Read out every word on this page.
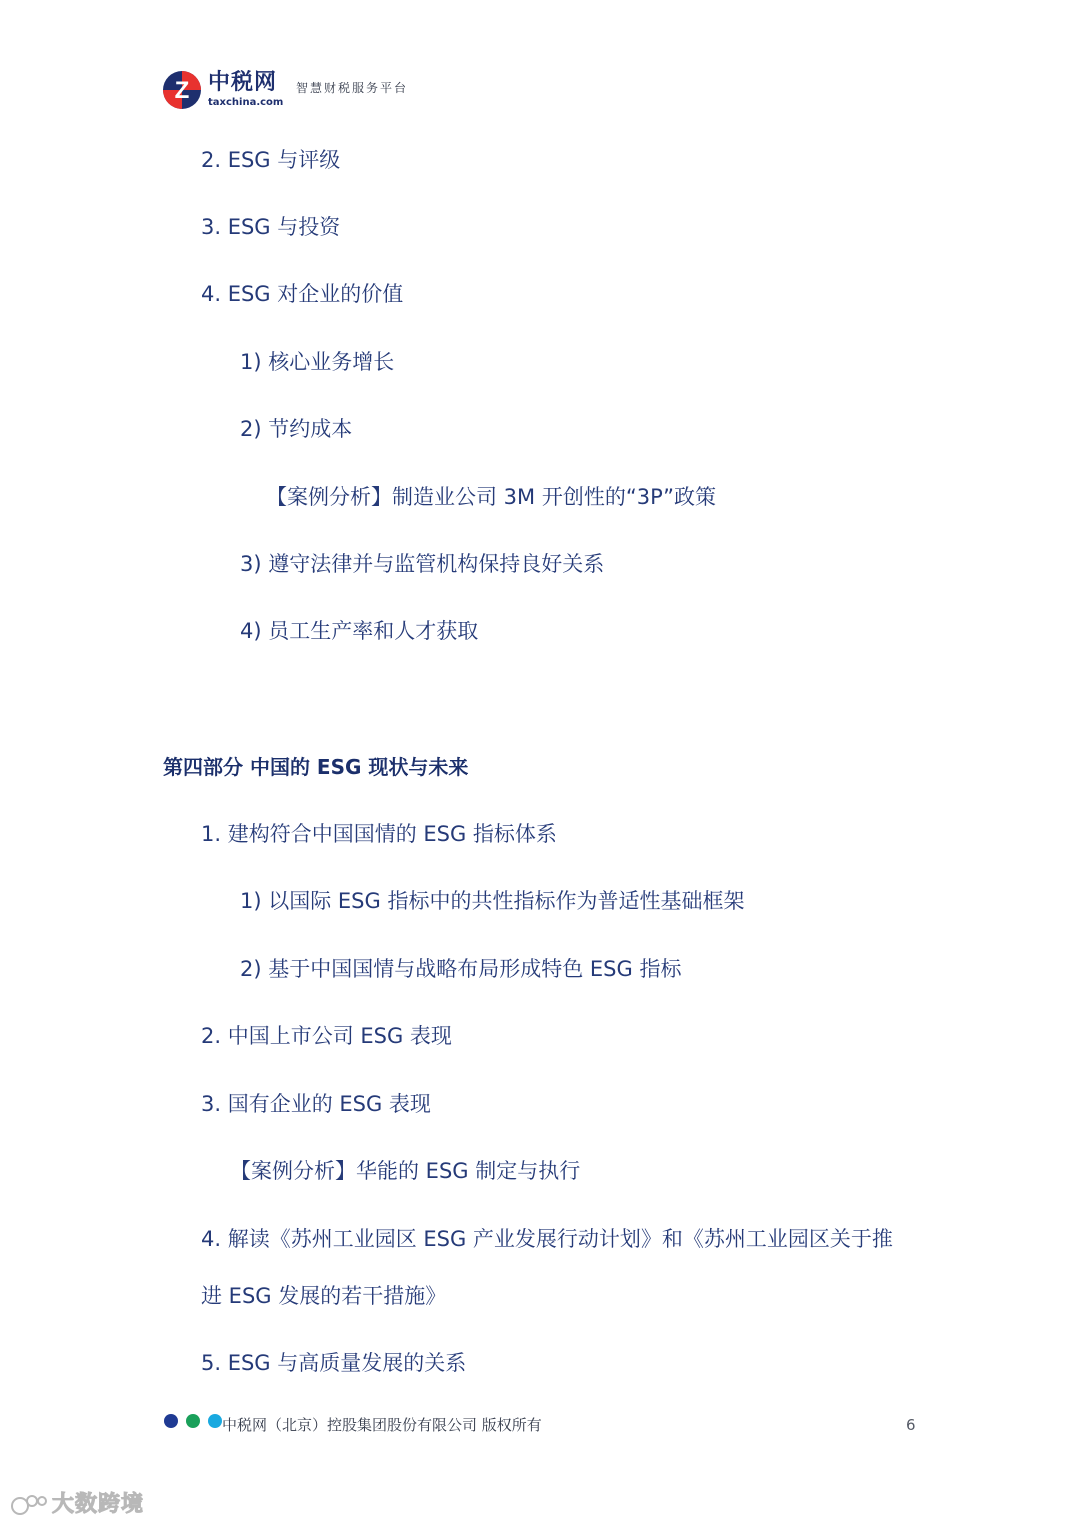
Z 中税网
taxchina.com
智慧财税服务平台
2. ESG 与评级
3. ESG 与投资
4. ESG 对企业的价值
1) 核心业务增长
2) 节约成本
【案例分析】制造业公司 3M 开创性的“3P”政策
3) 遵守法律并与监管机构保持良好关系
4) 员工生产率和人才获取
第四部分 中国的 ESG 现状与未来
1. 建构符合中国国情的 ESG 指标体系
1) 以国际 ESG 指标中的共性指标作为普适性基础框架
2) 基于中国国情与战略布局形成特色 ESG 指标
2. 中国上市公司 ESG 表现
3. 国有企业的 ESG 表现
【案例分析】华能的 ESG 制定与执行
4. 解读《苏州工业园区 ESG 产业发展行动计划》和《苏州工业园区关于推
进 ESG 发展的若干措施》
5. ESG 与高质量发展的关系
中税网（北京）控股集团股份有限公司 版权所有	6
大数跨境
